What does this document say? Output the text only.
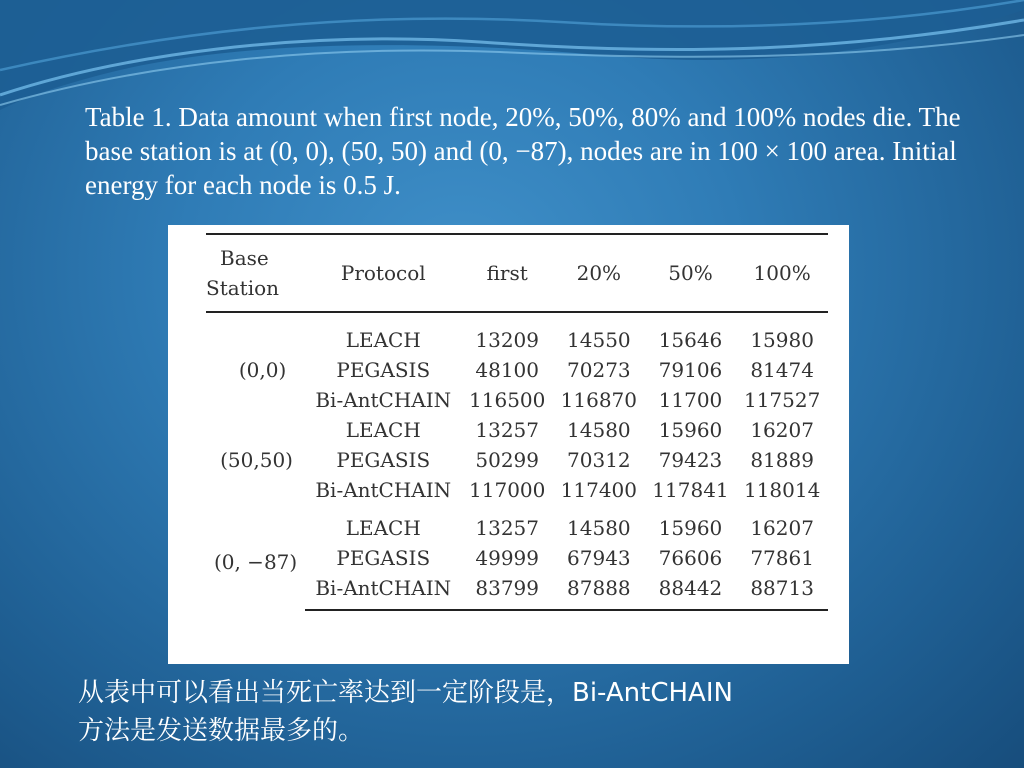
Table 1. Data amount when first node, 20%, 50%, 80% and 100% nodes die. The base station is at (0, 0), (50, 50) and (0, −87), nodes are in 100 × 100 area. Initial energy for each node is 0.5 J.
Base
Station	Protocol	first	20%	50%	100%
(0,0)	LEACH	13209	14550	15646	15980
	PEGASIS	48100	70273	79106	81474
	Bi-AntCHAIN	116500	116870	11700	117527
(50,50)	LEACH	13257	14580	15960	16207
	PEGASIS	50299	70312	79423	81889
	Bi-AntCHAIN	117000	117400	117841	118014
(0, −87)	LEACH	13257	14580	15960	16207
	PEGASIS	49999	67943	76606	77861
	Bi-AntCHAIN	83799	87888	88442	88713
从表中可以看出当死亡率达到一定阶段是，Bi-AntCHAIN
方法是发送数据最多的。
